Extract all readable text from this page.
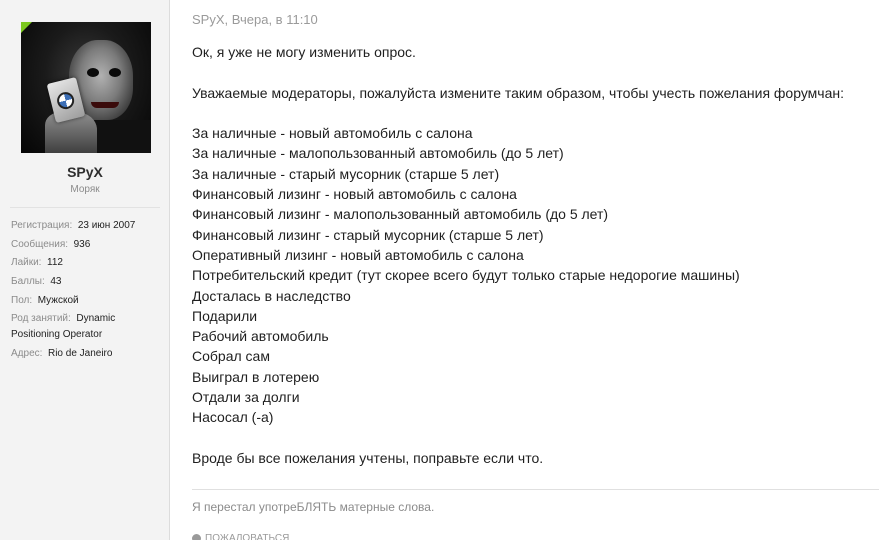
SPyX
Моряк
Регистрация: 23 июн 2007
Сообщения: 936
Лайки: 112
Баллы: 43
Пол: Мужской
Род занятий: Dynamic Positioning Operator
Адрес: Rio de Janeiro
SPyX, Вчера, в 11:10

Ок, я уже не могу изменить опрос.

Уважаемые модераторы, пожалуйста измените таким образом, чтобы учесть пожелания форумчан:

За наличные - новый автомобиль с салона

За наличные - малопользованный автомобиль (до 5 лет)

За наличные - старый мусорник (старше 5 лет)

Финансовый лизинг - новый автомобиль с салона

Финансовый лизинг - малопользованный автомобиль (до 5 лет)

Финансовый лизинг - старый мусорник (старше 5 лет)

Оперативный лизинг - новый автомобиль с салона

Потребительский кредит (тут скорее всего будут только старые недорогие машины)

Досталась в наследство

Подарили

Рабочий автомобиль

Собрал сам

Выиграл в лотерею

Отдали за долги

Насосал (-а)

Вроде бы все пожелания учтены, поправьте если что.

Я перестал употреБЛЯТЬ матерные слова.
ПОЖАЛОВАТЬСЯ
